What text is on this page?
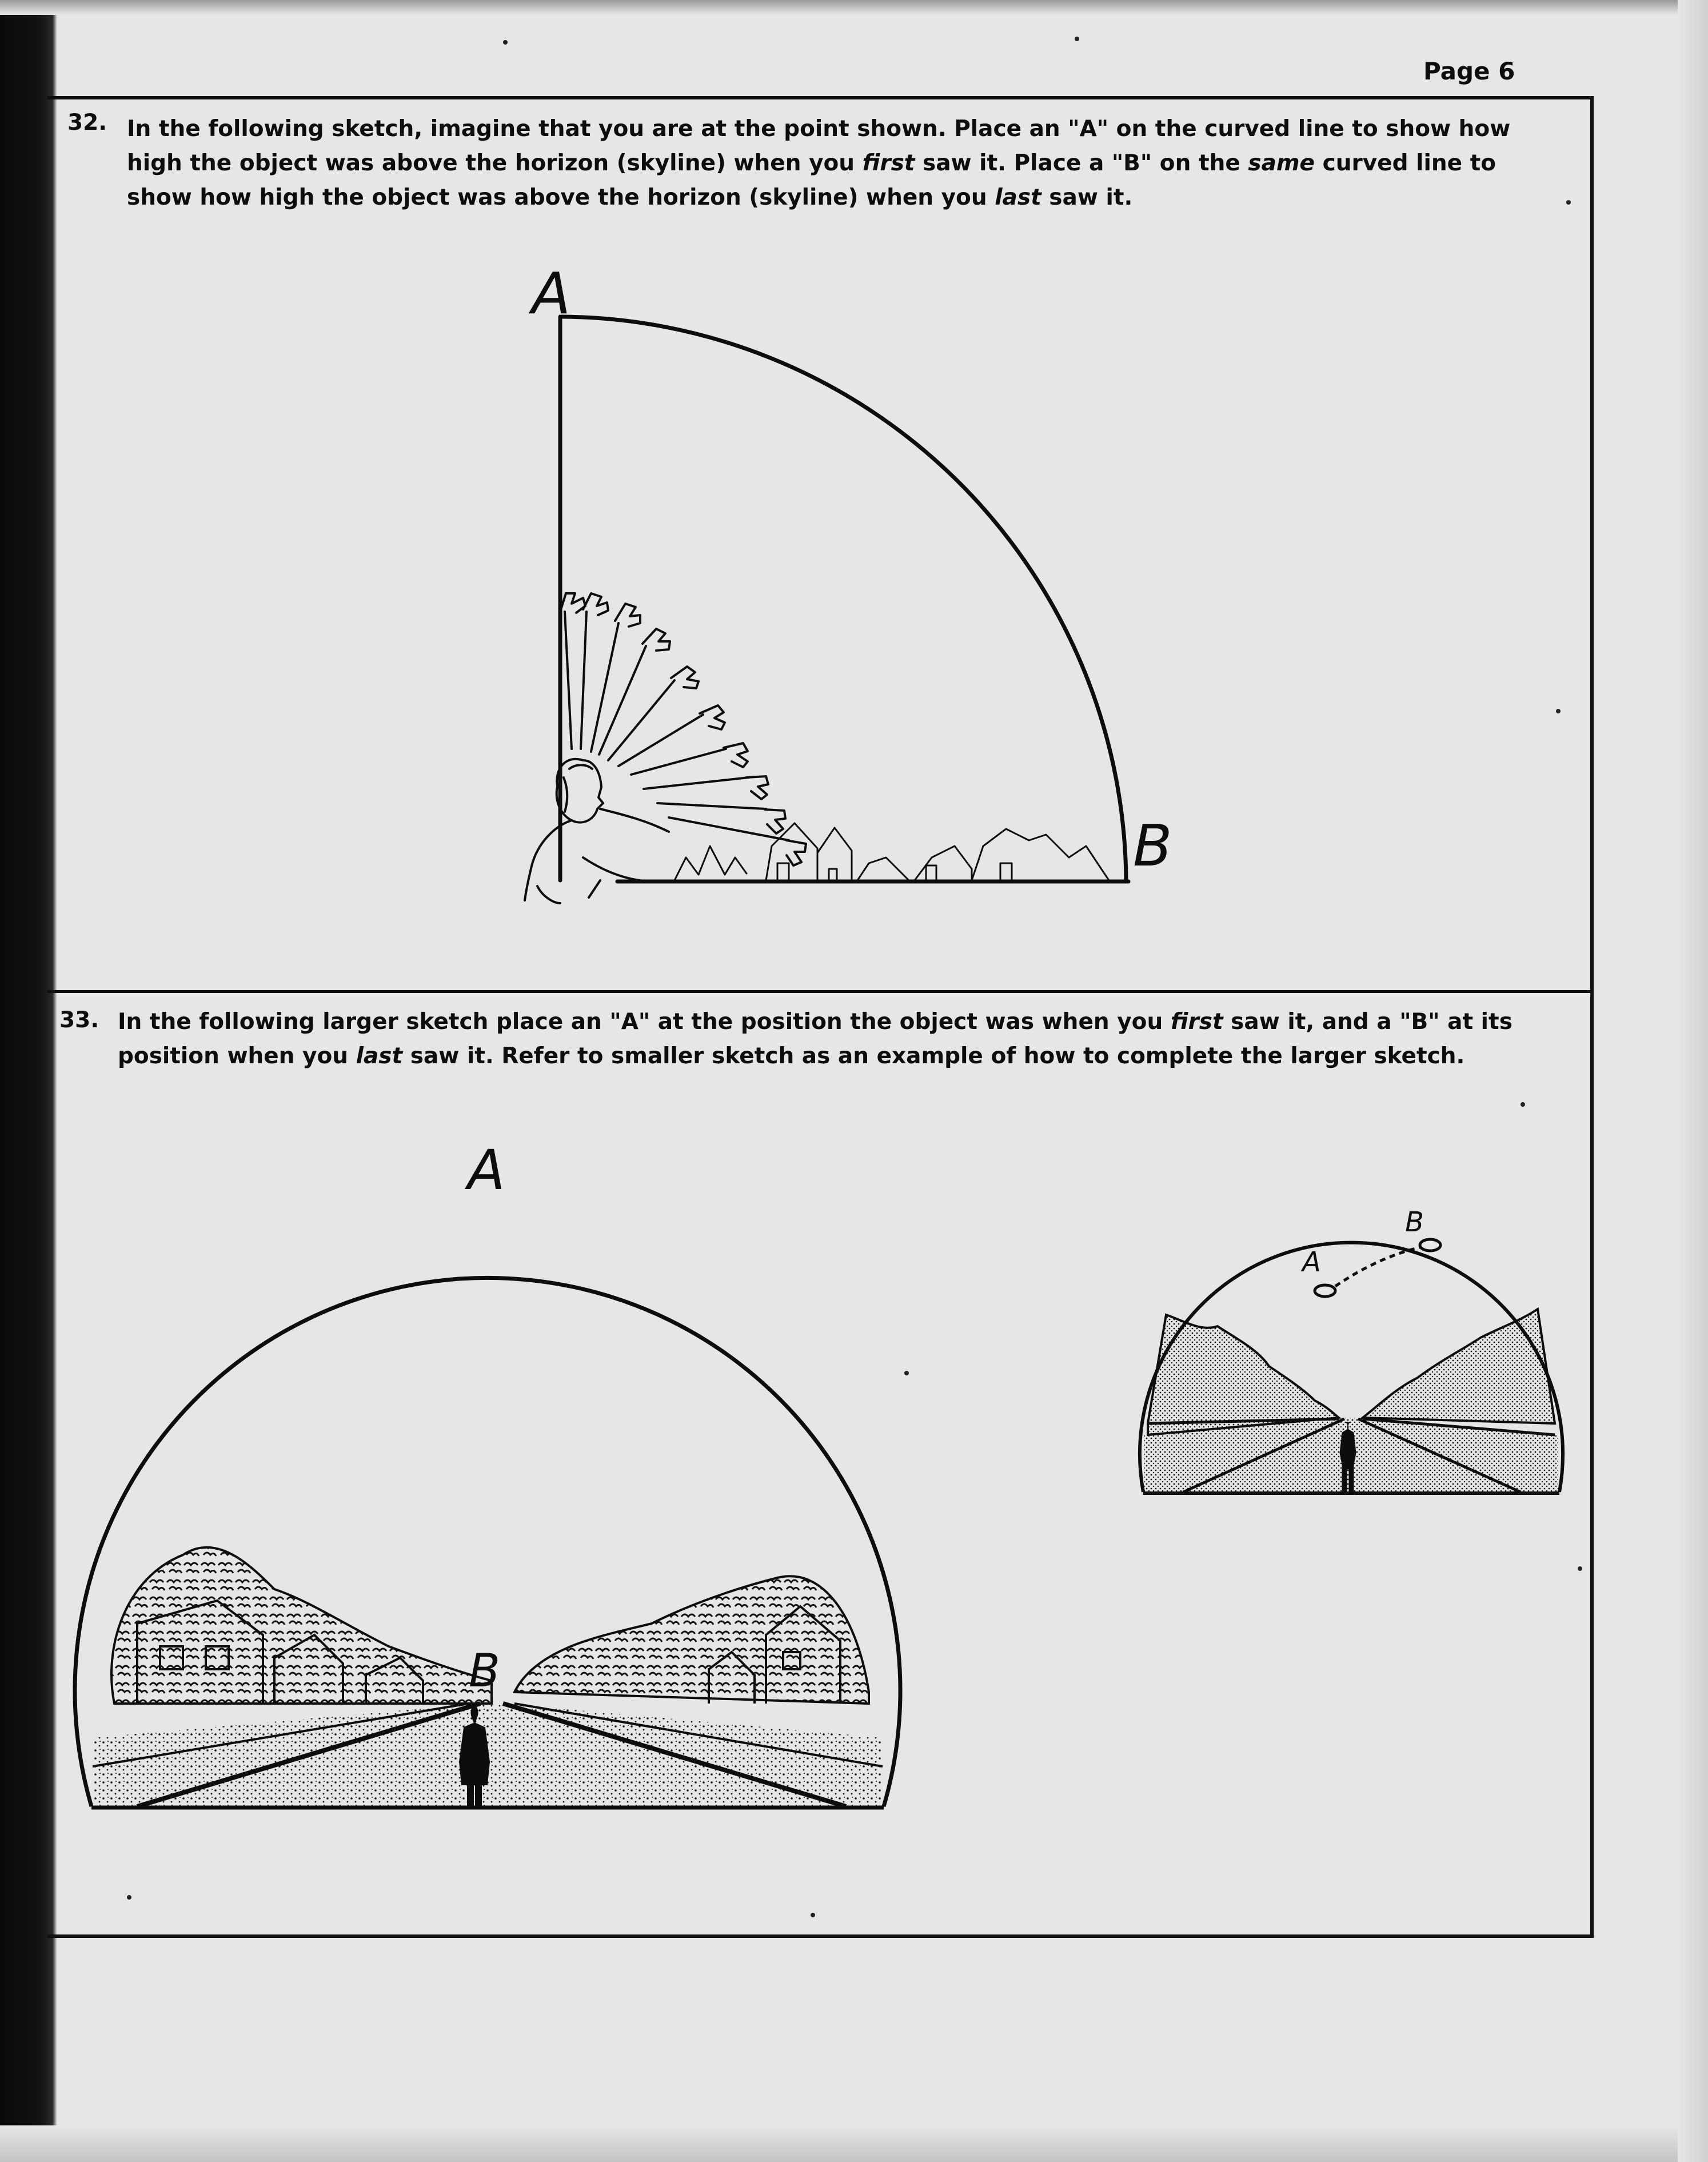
Page 6
32. In the following sketch, imagine that you are at the point shown. Place an "A" on the curved line to show how

high the object was above the horizon (skyline) when you first saw it. Place a "B" on the same curved line to

show how high the object was above the horizon (skyline) when you last saw it.

A
B
33. In the following larger sketch place an "A" at the position the object was when you first saw it, and a "B" at its

position when you last saw it. Refer to smaller sketch as an example of how to complete the larger sketch.

A
B
A
B
